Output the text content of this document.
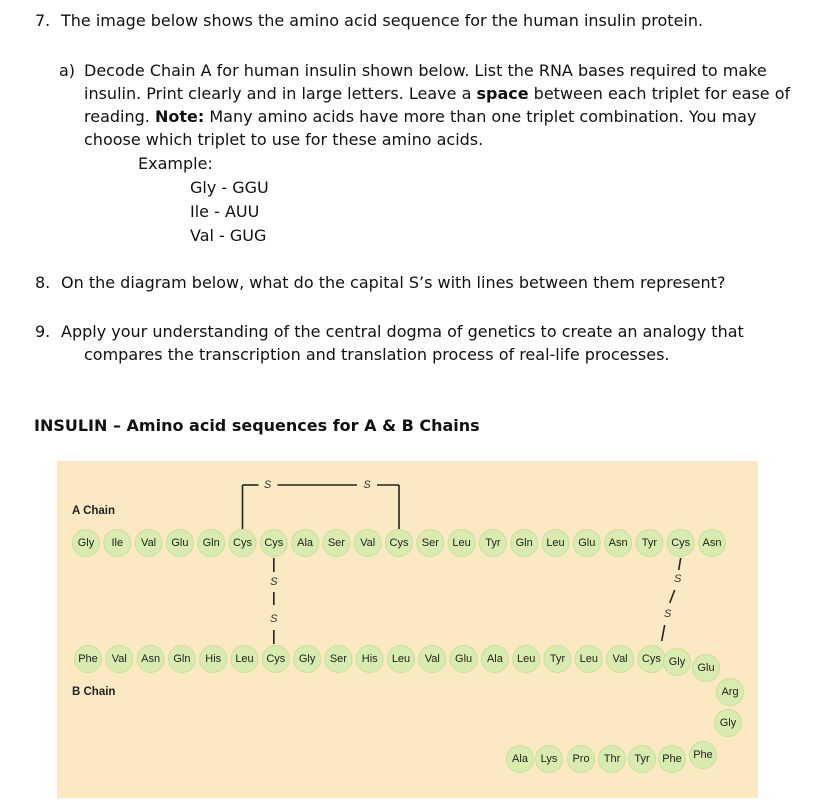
7. The image below shows the amino acid sequence for the human insulin protein.
a) Decode Chain A for human insulin shown below. List the RNA bases required to make
insulin. Print clearly and in large letters. Leave a space between each triplet for ease of
reading. Note: Many amino acids have more than one triplet combination. You may
choose which triplet to use for these amino acids.
Example:
Gly - GGU
Ile - AUU
Val - GUG
8. On the diagram below, what do the capital S’s with lines between them represent?
9. Apply your understanding of the central dogma of genetics to create an analogy that
compares the transcription and translation process of real-life processes.
INSULIN – Amino acid sequences for A & B Chains
A Chain
B Chain
S	S
S
S
S
S
Gly Ile Val Glu Gln Cys Cys Ala Ser Val Cys Ser Leu Tyr Gln Leu Glu Asn Tyr Cys Asn
Phe Val Asn Gln His Leu Cys Gly Ser His Leu Val Glu Ala Leu Tyr Leu Val Cys Gly Glu
Arg
Gly
Phe
Phe
Tyr
Thr
Pro
Lys
Ala
